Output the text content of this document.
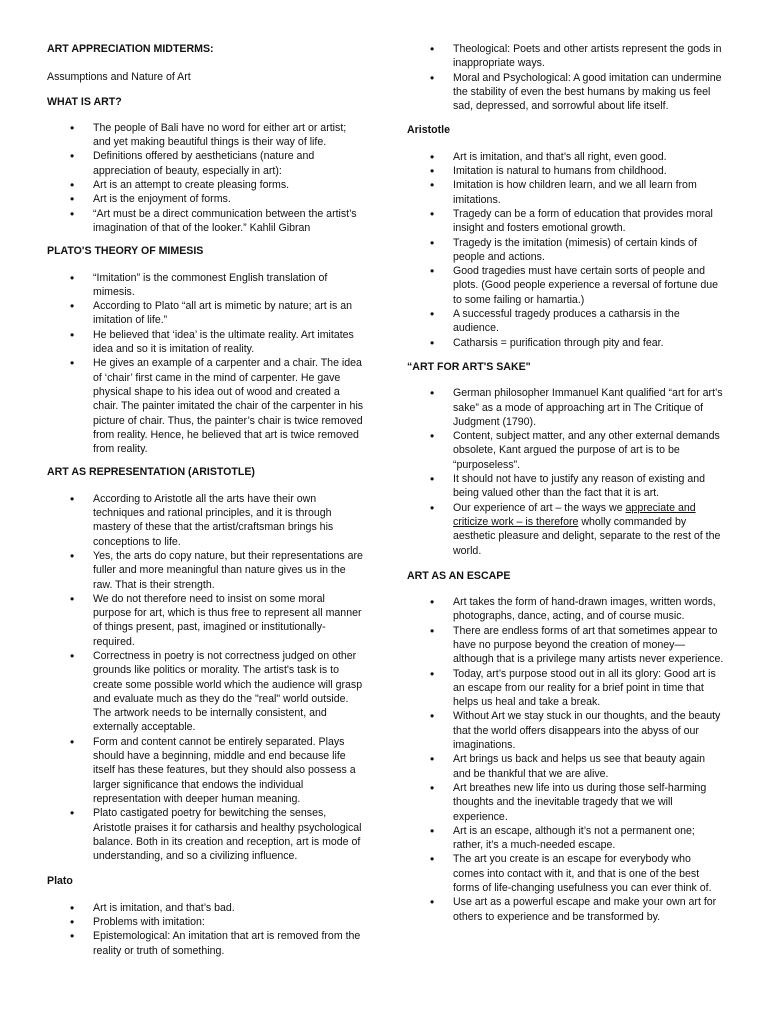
ART APPRECIATION MIDTERMS:

Assumptions and Nature of Art

WHAT IS ART?

• The people of Bali have no word for either art or artist; and yet making beautiful things is their way of life.
• Definitions offered by aestheticians (nature and appreciation of beauty, especially in art):
• Art is an attempt to create pleasing forms.
• Art is the enjoyment of forms.
• “Art must be a direct communication between the artist’s imagination of that of the looker.” Kahlil Gibran

PLATO'S THEORY OF MIMESIS

• “Imitation” is the commonest English translation of mimesis.
• According to Plato “all art is mimetic by nature; art is an imitation of life.”
• He believed that ‘idea’ is the ultimate reality. Art imitates idea and so it is imitation of reality.
• He gives an example of a carpenter and a chair. The idea of ‘chair’ first came in the mind of carpenter. He gave physical shape to his idea out of wood and created a chair. The painter imitated the chair of the carpenter in his picture of chair. Thus, the painter’s chair is twice removed from reality. Hence, he believed that art is twice removed from reality.

ART AS REPRESENTATION (ARISTOTLE)

• According to Aristotle all the arts have their own techniques and rational principles, and it is through mastery of these that the artist/craftsman brings his conceptions to life.
• Yes, the arts do copy nature, but their representations are fuller and more meaningful than nature gives us in the raw. That is their strength.
• We do not therefore need to insist on some moral purpose for art, which is thus free to represent all manner of things present, past, imagined or institutionally-required.
• Correctness in poetry is not correctness judged on other grounds like politics or morality. The artist's task is to create some possible world which the audience will grasp and evaluate much as they do the "real" world outside. The artwork needs to be internally consistent, and externally acceptable.
• Form and content cannot be entirely separated. Plays should have a beginning, middle and end because life itself has these features, but they should also possess a larger significance that endows the individual representation with deeper human meaning.
• Plato castigated poetry for bewitching the senses, Aristotle praises it for catharsis and healthy psychological balance. Both in its creation and reception, art is mode of understanding, and so a civilizing influence.

Plato

• Art is imitation, and that’s bad.
• Problems with imitation:
• Epistemological: An imitation that art is removed from the reality or truth of something.
• Theological: Poets and other artists represent the gods in inappropriate ways.
• Moral and Psychological: A good imitation can undermine the stability of even the best humans by making us feel sad, depressed, and sorrowful about life itself.

Aristotle

• Art is imitation, and that’s all right, even good.
• Imitation is natural to humans from childhood.
• Imitation is how children learn, and we all learn from imitations.
• Tragedy can be a form of education that provides moral insight and fosters emotional growth.
• Tragedy is the imitation (mimesis) of certain kinds of people and actions.
• Good tragedies must have certain sorts of people and plots. (Good people experience a reversal of fortune due to some failing or hamartia.)
• A successful tragedy produces a catharsis in the audience.
• Catharsis = purification through pity and fear.

“ART FOR ART'S SAKE"

• German philosopher Immanuel Kant qualified “art for art’s sake” as a mode of approaching art in The Critique of Judgment (1790).
• Content, subject matter, and any other external demands obsolete, Kant argued the purpose of art is to be “purposeless”.
• It should not have to justify any reason of existing and being valued other than the fact that it is art.
• Our experience of art – the ways we appreciate and criticize work – is therefore wholly commanded by aesthetic pleasure and delight, separate to the rest of the world.

ART AS AN ESCAPE

• Art takes the form of hand-drawn images, written words, photographs, dance, acting, and of course music.
• There are endless forms of art that sometimes appear to have no purpose beyond the creation of money—although that is a privilege many artists never experience.
• Today, art’s purpose stood out in all its glory: Good art is an escape from our reality for a brief point in time that helps us heal and take a break.
• Without Art we stay stuck in our thoughts, and the beauty that the world offers disappears into the abyss of our imaginations.
• Art brings us back and helps us see that beauty again and be thankful that we are alive.
• Art breathes new life into us during those self-harming thoughts and the inevitable tragedy that we will experience.
• Art is an escape, although it’s not a permanent one; rather, it’s a much-needed escape.
• The art you create is an escape for everybody who comes into contact with it, and that is one of the best forms of life-changing usefulness you can ever think of.
• Use art as a powerful escape and make your own art for others to experience and be transformed by.
